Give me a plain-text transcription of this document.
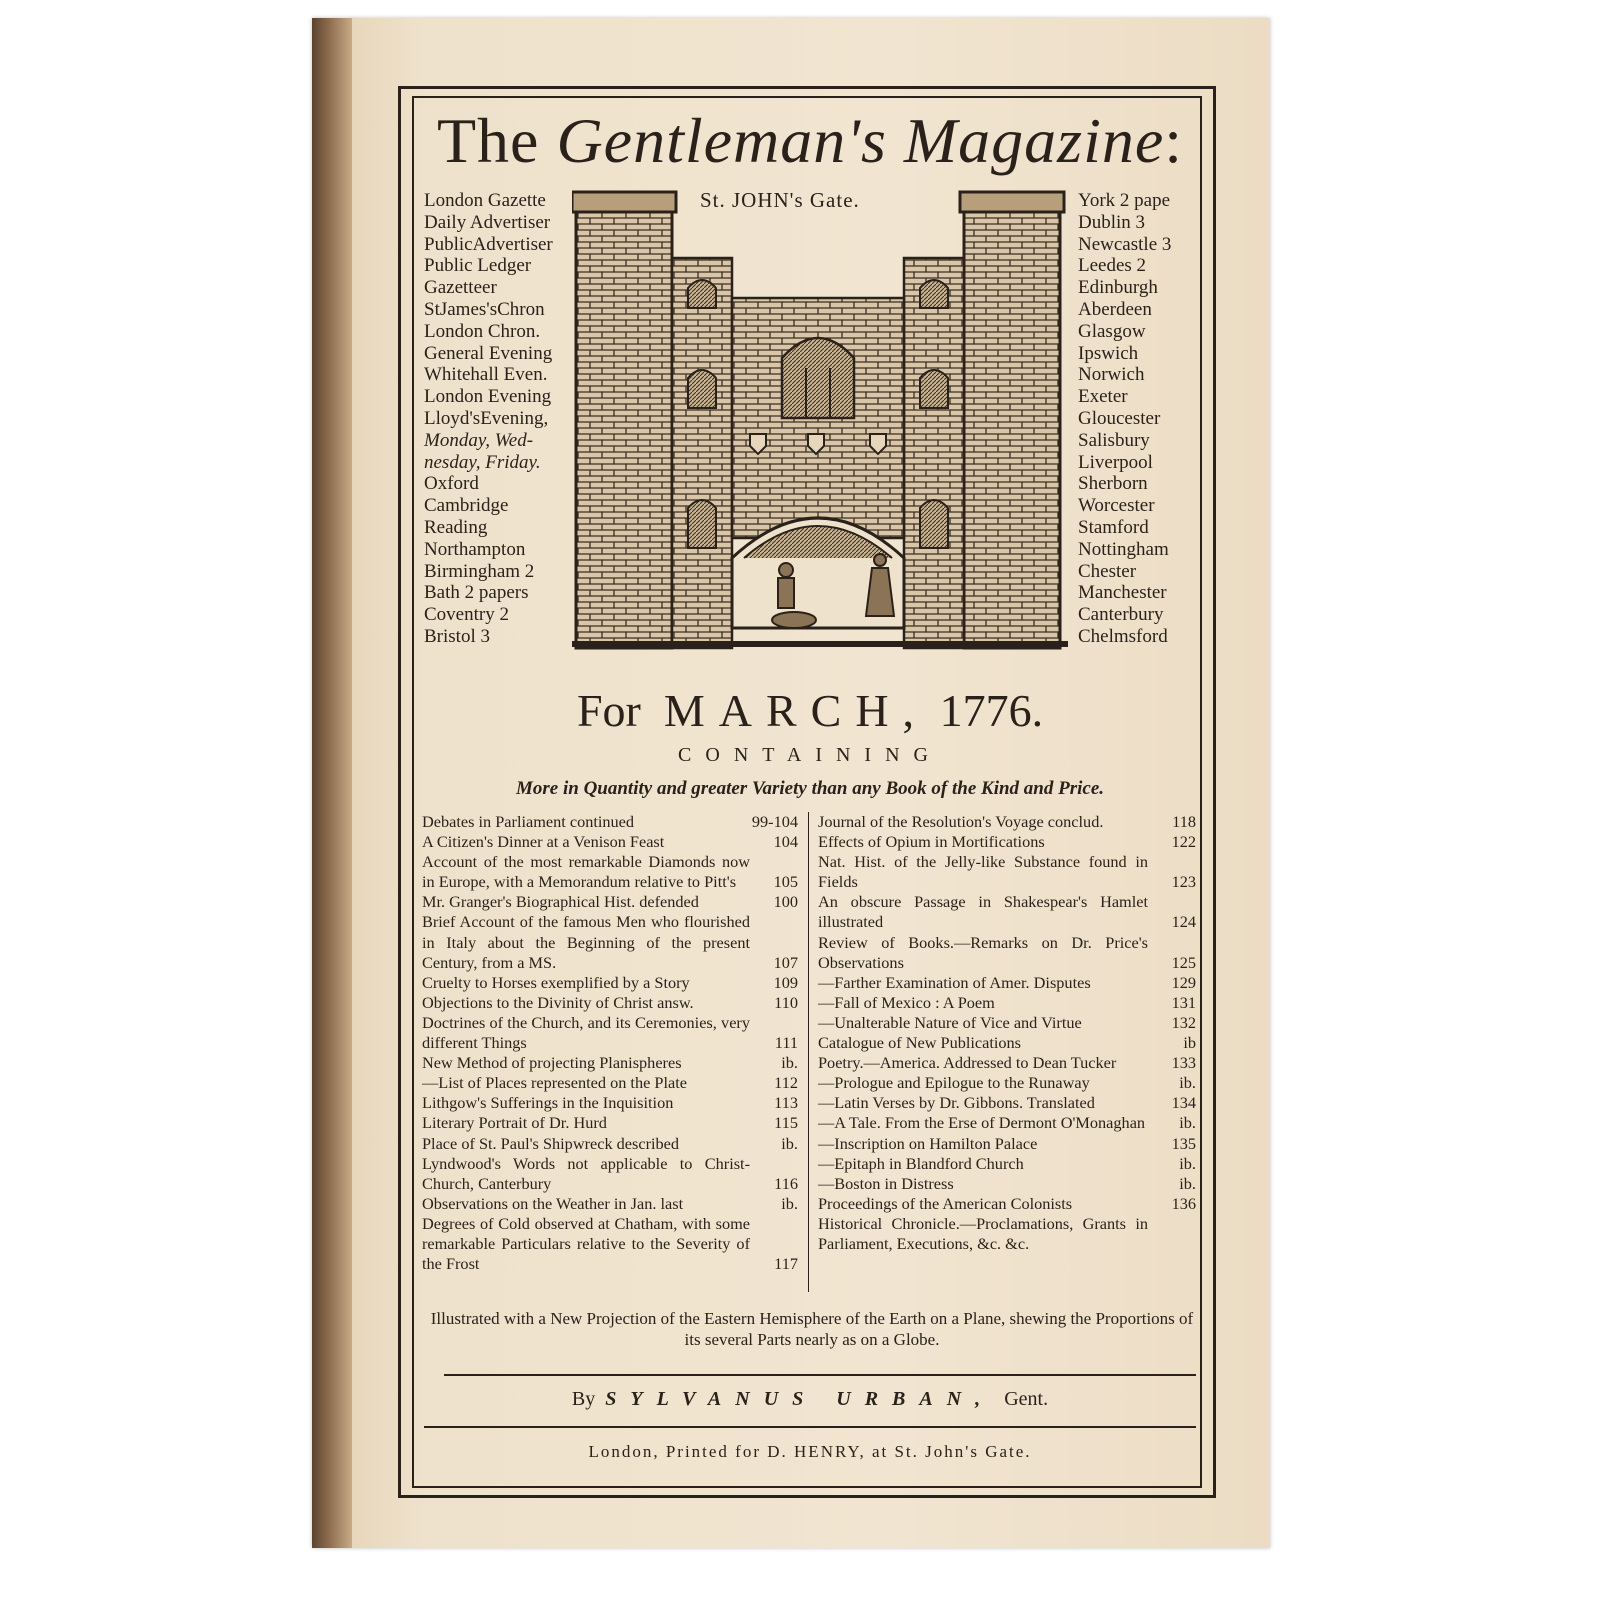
The Gentleman's Magazine:
London Gazette
Daily Advertiser
PublicAdvertiser
Public Ledger
Gazetteer
StJames'sChron
London Chron.
General Evening
Whitehall Even.
London Evening
Lloyd'sEvening,
Monday, Wed-
nesday, Friday.
Oxford
Cambridge
Reading
Northampton
Birmingham 2
Bath 2 papers
Coventry 2
Bristol 3
York 2 pape
Dublin 3
Newcastle 3
Leedes 2
Edinburgh
Aberdeen
Glasgow
Ipswich
Norwich
Exeter
Gloucester
Salisbury
Liverpool
Sherborn
Worcester
Stamford
Nottingham
Chester
Manchester
Canterbury
Chelmsford
St. JOHN's Gate.
For MARCH, 1776.
CONTAINING
More in Quantity and greater Variety than any Book of the Kind and Price.
Debates in Parliament continued	99-104
A Citizen's Dinner at a Venison Feast	104
Account of the most remarkable Diamonds now in Europe, with a Memorandum relative to Pitt's	105
Mr. Granger's Biographical Hist. defended	100
Brief Account of the famous Men who flourished in Italy about the Beginning of the present Century, from a MS.	107
Cruelty to Horses exemplified by a Story	109
Objections to the Divinity of Christ answ.	110
Doctrines of the Church, and its Ceremonies, very different Things	111
New Method of projecting Planispheres	ib.
—List of Places represented on the Plate	112
Lithgow's Sufferings in the Inquisition	113
Literary Portrait of Dr. Hurd	115
Place of St. Paul's Shipwreck described	ib.
Lyndwood's Words not applicable to Christ-Church, Canterbury	116
Observations on the Weather in Jan. last	ib.
Degrees of Cold observed at Chatham, with some remarkable Particulars relative to the Severity of the Frost	117
Journal of the Resolution's Voyage conclud.	118
Effects of Opium in Mortifications	122
Nat. Hist. of the Jelly-like Substance found in Fields	123
An obscure Passage in Shakespear's Hamlet illustrated	124
Review of Books.—Remarks on Dr. Price's Observations	125
—Farther Examination of Amer. Disputes	129
—Fall of Mexico : A Poem	131
—Unalterable Nature of Vice and Virtue	132
Catalogue of New Publications	ib
Poetry.—America. Addressed to Dean Tucker	133
—Prologue and Epilogue to the Runaway	ib.
—Latin Verses by Dr. Gibbons. Translated	134
—A Tale. From the Erse of Dermont O'Monaghan	ib.
—Inscription on Hamilton Palace	135
—Epitaph in Blandford Church	ib.
—Boston in Distress	ib.
Proceedings of the American Colonists	136
Historical Chronicle.—Proclamations, Grants in Parliament, Executions, &c. &c.
Illustrated with a New Projection of the Eastern Hemisphere of the Earth on a Plane, shewing the Proportions of its several Parts nearly as on a Globe.
By SYLVANUS URBAN, Gent.
London, Printed for D. HENRY, at St. John's Gate.
